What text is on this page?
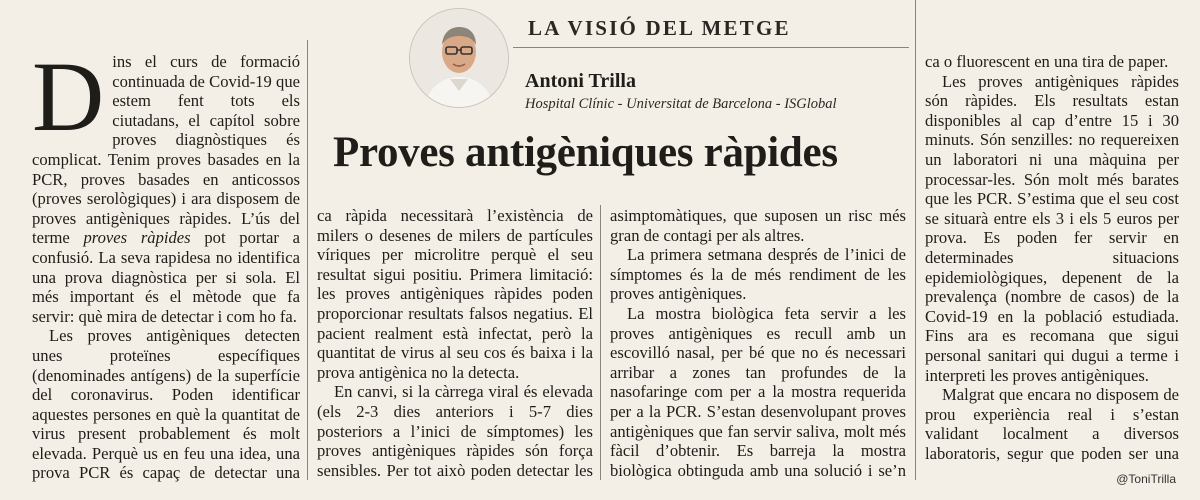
LA VISIÓ DEL METGE
Antoni Trilla
Hospital Clínic - Universitat de Barcelona - ISGlobal
Proves antigèniques ràpides

Dins el curs de formació continuada de Covid-19 que estem fent tots els ciutadans, el capítol sobre proves diagnòstiques és complicat. Tenim proves basades en la PCR, proves basades en anticossos (proves serològiques) i ara disposem de proves antigèniques ràpides. L’ús del terme proves ràpides pot portar a confusió. La seva rapidesa no identifica una prova diagnòstica per si sola. El més important és el mètode que fa servir: què mira de detectar i com ho fa.

Les proves antigèniques detecten unes proteïnes específiques (denominades antígens) de la superfície del coronavirus. Poden identificar aquestes persones en què la quantitat de virus present probablement és molt elevada. Perquè us en feu una idea, una prova PCR és capaç de detectar una

ca ràpida necessitarà l’existència de milers o desenes de milers de partícules víriques per microlitre perquè el seu resultat sigui positiu. Primera limitació: les proves antigèniques ràpides poden proporcionar resultats falsos negatius. El pacient realment està infectat, però la quantitat de virus al seu cos és baixa i la prova antigènica no la detecta.

En canvi, si la càrrega viral és elevada (els 2-3 dies anteriors i 5-7 dies posteriors a l’inici de símptomes) les proves antigèniques ràpides són força sensibles. Per tot això poden detectar les

asimptomàtiques, que suposen un risc més gran de contagi per als altres.

La primera setmana després de l’inici de símptomes és la de més rendiment de les proves antigèniques.

La mostra biològica feta servir a les proves antigèniques es recull amb un escovilló nasal, per bé que no és necessari arribar a zones tan profundes de la nasofaringe com per a la mostra requerida per a la PCR. S’estan desenvolupant proves antigèniques que fan servir saliva, molt més fàcil d’obtenir. Es barreja la mostra biològica obtinguda amb una solució i se’n

ca o fluorescent en una tira de paper.

Les proves antigèniques ràpides són ràpides. Els resultats estan disponibles al cap d’entre 15 i 30 minuts. Són senzilles: no requereixen un laboratori ni una màquina per processar-les. Són molt més barates que les PCR. S’estima que el seu cost se situarà entre els 3 i els 5 euros per prova. Es poden fer servir en determinades situacions epidemiològiques, depenent de la prevalença (nombre de casos) de la Covid-19 en la població estudiada. Fins ara es recomana que sigui personal sanitari qui dugui a terme i interpreti les proves antigèniques.

Malgrat que encara no disposem de prou experiència real i s’estan validant localment a diversos laboratoris, segur que poden ser una

@ToniTrilla
